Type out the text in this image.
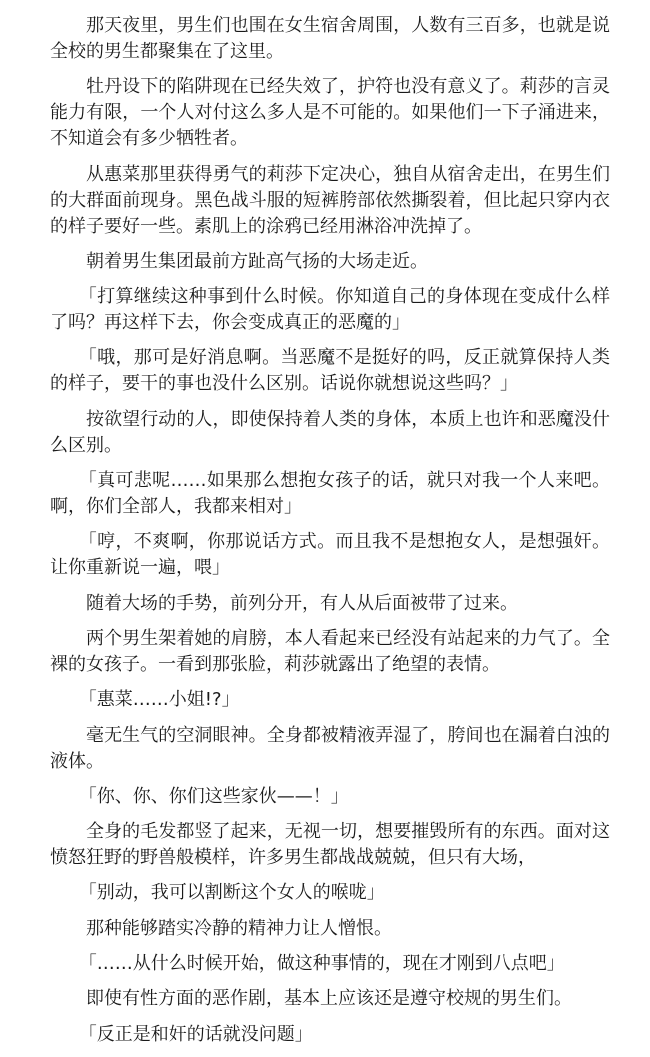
那天夜里，男生们也围在女生宿舍周围，人数有三百多，也就是说全校的男生都聚集在了这里。

牡丹设下的陷阱现在已经失效了，护符也没有意义了。莉莎的言灵能力有限，一个人对付这么多人是不可能的。如果他们一下子涌进来，不知道会有多少牺牲者。

从惠菜那里获得勇气的莉莎下定决心，独自从宿舍走出，在男生们的大群面前现身。黑色战斗服的短裤胯部依然撕裂着，但比起只穿内衣的样子要好一些。素肌上的涂鸦已经用淋浴冲洗掉了。

朝着男生集团最前方趾高气扬的大场走近。

「打算继续这种事到什么时候。你知道自己的身体现在变成什么样了吗？再这样下去，你会变成真正的恶魔的」

「哦，那可是好消息啊。当恶魔不是挺好的吗，反正就算保持人类的样子，要干的事也没什么区别。话说你就想说这些吗？」

按欲望行动的人，即使保持着人类的身体，本质上也许和恶魔没什么区别。

「真可悲呢……如果那么想抱女孩子的话，就只对我一个人来吧。啊，你们全部人，我都来相对」

「哼，不爽啊，你那说话方式。而且我不是想抱女人，是想强奸。让你重新说一遍，喂」

随着大场的手势，前列分开，有人从后面被带了过来。

两个男生架着她的肩膀，本人看起来已经没有站起来的力气了。全裸的女孩子。一看到那张脸，莉莎就露出了绝望的表情。

「惠菜……小姐!?」

毫无生气的空洞眼神。全身都被精液弄湿了，胯间也在漏着白浊的液体。

「你、你、你们这些家伙——！」

全身的毛发都竖了起来，无视一切，想要摧毁所有的东西。面对这愤怒狂野的野兽般模样，许多男生都战战兢兢，但只有大场，

「别动，我可以割断这个女人的喉咙」

那种能够踏实冷静的精神力让人憎恨。

「……从什么时候开始，做这种事情的，现在才刚到八点吧」

即使有性方面的恶作剧，基本上应该还是遵守校规的男生们。

「反正是和奸的话就没问题」
